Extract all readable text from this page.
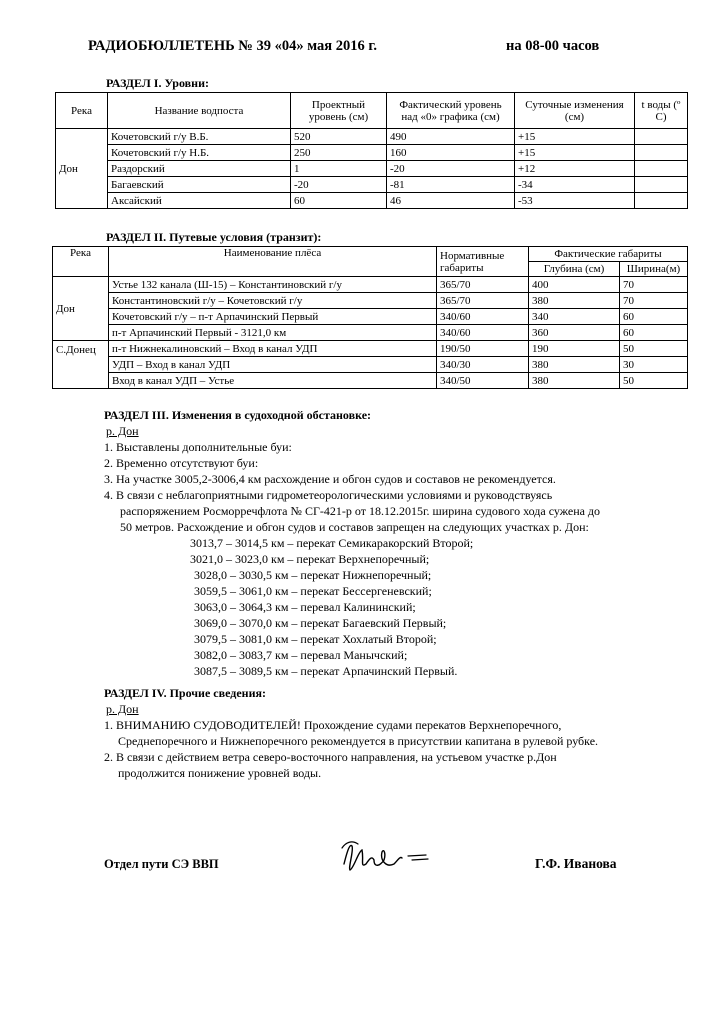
РАДИОБЮЛЛЕТЕНЬ № 39 «04» мая 2016 г.	на 08-00 часов
РАЗДЕЛ I. Уровни:
Река	Название водпоста	Проектный уровень (см)	Фактический уровень над «0» графика (см)	Суточные изменения (см)	t воды (º С)
Дон	Кочетовский г/у В.Б.	520	490	+15	
	Кочетовский г/у Н.Б.	250	160	+15	
	Раздорский	1	-20	+12	
	Багаевский	-20	-81	-34	
	Аксайский	60	46	-53	
РАЗДЕЛ II. Путевые условия (транзит):
Река	Наименование плёса	Нормативные габариты	Фактические габариты	
			Глубина (см)	Ширина(м)
Дон	Устье 132 канала (Ш-15) – Константиновский г/у	365/70	400	70
	Константиновский г/у – Кочетовский г/у	365/70	380	70
	Кочетовский г/у – п-т Арпачинский Первый	340/60	340	60
	п-т Арпачинский Первый - 3121,0 км	340/60	360	60
С.Донец	п-т Нижнекалиновский – Вход в канал УДП	190/50	190	50
	УДП – Вход в канал УДП	340/30	380	30
	Вход в канал УДП – Устье	340/50	380	50
РАЗДЕЛ III. Изменения в судоходной обстановке:
р. Дон
1. Выставлены дополнительные буи:
2. Временно отсутствуют буи:
3. На участке 3005,2-3006,4 км расхождение и обгон судов и составов не рекомендуется.
4. В связи с неблагоприятными гидрометеорологическими условиями и руководствуясь
распоряжением Росморречфлота № СГ-421-р от 18.12.2015г. ширина судового хода сужена до
50 метров. Расхождение и обгон судов и составов запрещен на следующих участках р. Дон:
3013,7 – 3014,5 км – перекат Семикаракорский Второй;
3021,0 – 3023,0 км – перекат Верхнепоречный;
3028,0 – 3030,5 км – перекат Нижнепоречный;
3059,5 – 3061,0 км – перекат Бессергеневский;
3063,0 – 3064,3 км – перевал Калининский;
3069,0 – 3070,0 км – перекат Багаевский Первый;
3079,5 – 3081,0 км – перекат Хохлатый Второй;
3082,0 – 3083,7 км – перевал Манычский;
3087,5 – 3089,5 км – перекат Арпачинский Первый.
РАЗДЕЛ IV. Прочие сведения:
р. Дон
1. ВНИМАНИЮ СУДОВОДИТЕЛЕЙ! Прохождение судами перекатов Верхнепоречного,
Среднепоречного и Нижнепоречного рекомендуется в присутствии капитана в рулевой рубке.
2. В связи с действием ветра северо-восточного направления, на устьевом участке р.Дон
продолжится понижение уровней воды.
Отдел пути СЭ ВВП	Г.Ф. Иванова
